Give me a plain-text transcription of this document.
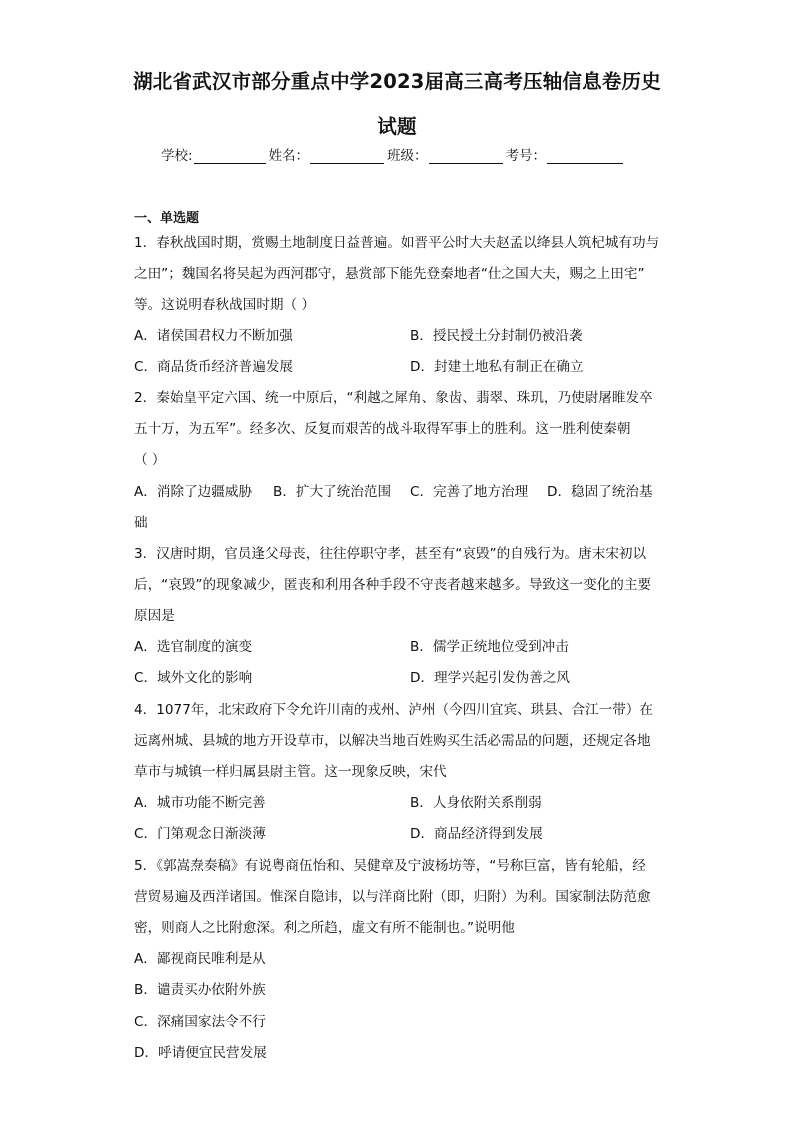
湖北省武汉市部分重点中学2023届高三高考压轴信息卷历史
试题
学校:	姓名：	班级：	考号：
一、单选题
1．春秋战国时期，赏赐土地制度日益普遍。如晋平公时大夫赵孟以绛县人筑杞城有功与
之田”；魏国名将吴起为西河郡守，悬赏部下能先登秦地者“仕之国大夫，赐之上田宅”
等。这说明春秋战国时期（ ）
A．诸侯国君权力不断加强	B．授民授土分封制仍被沿袭
C．商品货币经济普遍发展	D．封建土地私有制正在确立
2．秦始皇平定六国、统一中原后，“利越之犀角、象齿、翡翠、珠玑，乃使尉屠睢发卒
五十万，为五军”。经多次、反复而艰苦的战斗取得军事上的胜利。这一胜利使秦朝
（ ）
A．消除了边疆威胁 B．扩大了统治范围 C．完善了地方治理 D．稳固了统治基
础
3．汉唐时期，官员逢父母丧，往往停职守孝，甚至有“哀毁”的自残行为。唐末宋初以
后，“哀毁”的现象减少，匿丧和利用各种手段不守丧者越来越多。导致这一变化的主要
原因是
A．选官制度的演变	B．儒学正统地位受到冲击
C．域外文化的影响	D．理学兴起引发伪善之风
4．1077年，北宋政府下令允许川南的戎州、泸州（今四川宜宾、珙县、合江一带）在
远离州城、县城的地方开设草市，以解决当地百姓购买生活必需品的问题，还规定各地
草市与城镇一样归属县尉主管。这一现象反映，宋代
A．城市功能不断完善	B．人身依附关系削弱
C．门第观念日渐淡薄	D．商品经济得到发展
5．《郭嵩焘奏稿》有说粤商伍怡和、吴健章及宁波杨坊等，“号称巨富，皆有轮船，经
营贸易遍及西洋诸国。惟深自隐讳，以与洋商比附（即，归附）为利。国家制法防范愈
密，则商人之比附愈深。利之所趋，虚文有所不能制也。”说明他
A．鄙视商民唯利是从
B．谴责买办依附外族
C．深痛国家法令不行
D．呼请便宜民营发展
